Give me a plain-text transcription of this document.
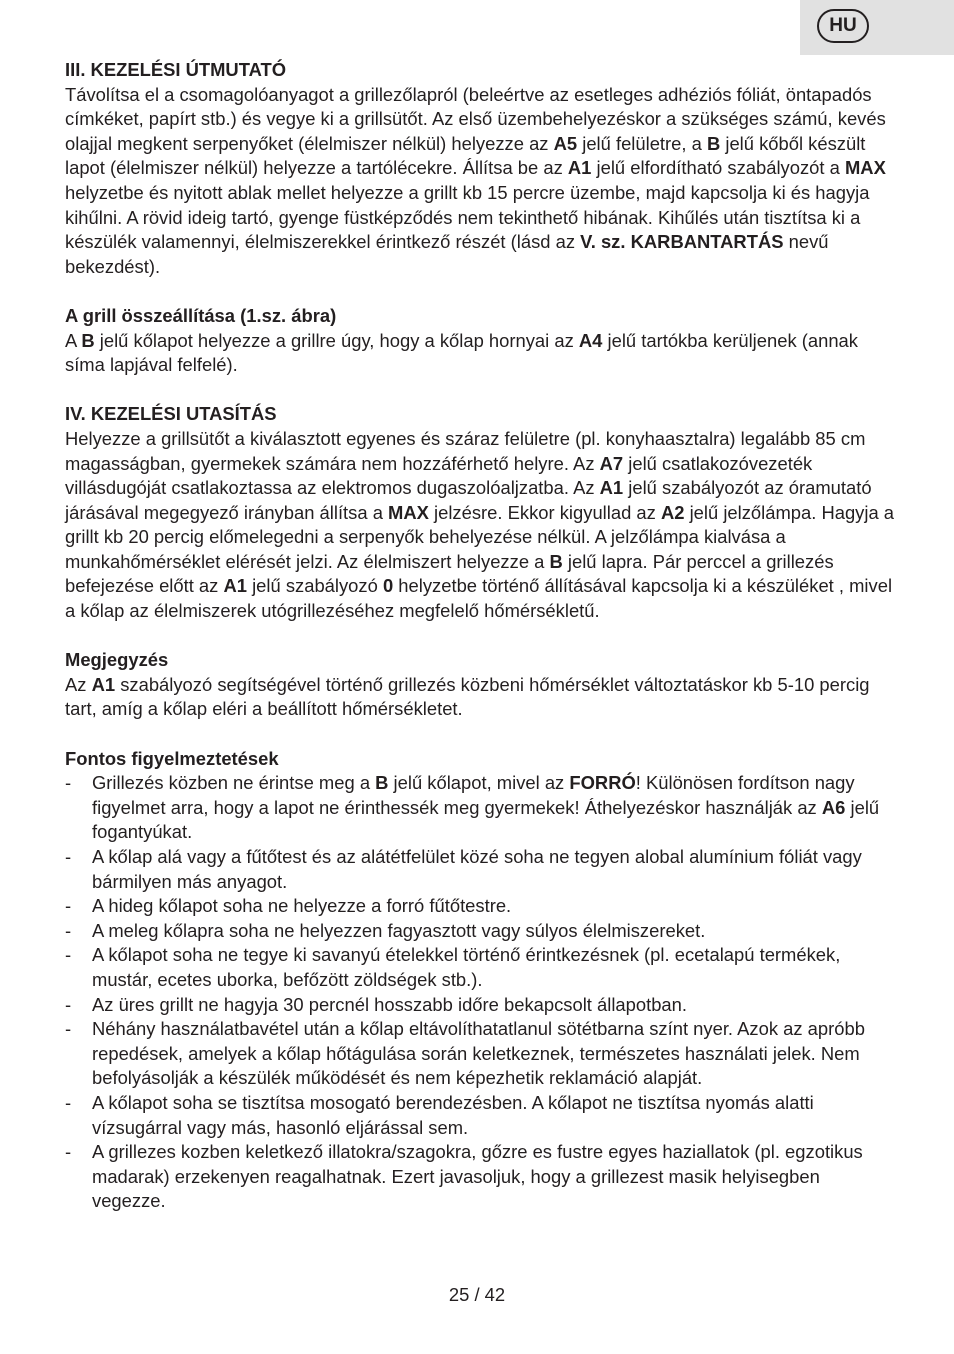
HU

III. KEZELÉSI ÚTMUTATÓ

Távolítsa el a csomagolóanyagot a grillezőlapról (beleértve az esetleges adhéziós fóliát, öntapadós címkéket, papírt stb.) és vegye ki a grillsütőt. Az első üzembehelyezéskor a szükséges számú, kevés olajjal megkent serpenyőket (élelmiszer nélkül) helyezze az A5 jelű felületre, a B jelű kőből készült lapot (élelmiszer nélkül) helyezze a tartólécekre. Állítsa be az A1 jelű elfordítható szabályozót a MAX helyzetbe és nyitott ablak mellet helyezze a grillt kb 15 percre üzembe, majd kapcsolja ki és hagyja kihűlni. A rövid ideig tartó, gyenge füstképződés nem tekinthető hibának. Kihűlés után tisztítsa ki a készülék valamennyi, élelmiszerekkel érintkező részét (lásd az V. sz. KARBANTARTÁS nevű bekezdést).

A grill összeállítása (1.sz. ábra)

A B jelű kőlapot helyezze a grillre úgy, hogy a kőlap hornyai az A4 jelű tartókba kerüljenek (annak síma lapjával felfelé).

IV. KEZELÉSI UTASÍTÁS

Helyezze a grillsütőt a kiválasztott egyenes és száraz felületre (pl. konyhaasztalra) legalább 85 cm magasságban, gyermekek számára nem hozzáférhető helyre. Az A7 jelű csatlakozóvezeték villásdugóját csatlakoztassa az elektromos dugaszolóaljzatba. Az A1 jelű szabályozót az óramutató járásával megegyező irányban állítsa a MAX jelzésre. Ekkor kigyullad az A2 jelű jelzőlámpa. Hagyja a grillt kb 20 percig előmelegedni a serpenyők behelyezése nélkül. A jelzőlámpa kialvása a munkahőmérséklet elérését jelzi. Az élelmiszert helyezze a B jelű lapra. Pár perccel a grillezés befejezése előtt az A1 jelű szabályozó 0 helyzetbe történő állításával kapcsolja ki a készüléket , mivel a kőlap az élelmiszerek utógrillezéséhez megfelelő hőmérsékletű.

Megjegyzés

Az A1 szabályozó segítségével történő grillezés közbeni hőmérséklet változtatáskor kb 5-10 percig tart, amíg a kőlap eléri a beállított hőmérsékletet.

Fontos figyelmeztetések

- Grillezés közben ne érintse meg a B jelű kőlapot, mivel az FORRÓ! Különösen fordítson nagy figyelmet arra, hogy a lapot ne érinthessék meg gyermekek! Áthelyezéskor használják az A6 jelű fogantyúkat.
- A kőlap alá vagy a fűtőtest és az alátétfelület közé soha ne tegyen alobal alumínium fóliát vagy bármilyen más anyagot.
- A hideg kőlapot soha ne helyezze a forró fűtőtestre.
- A meleg kőlapra soha ne helyezzen fagyasztott vagy súlyos élelmiszereket.
- A kőlapot soha ne tegye ki savanyú ételekkel történő érintkezésnek (pl. ecetalapú termékek, mustár, ecetes uborka, befőzött zöldségek stb.).
- Az üres grillt ne hagyja 30 percnél hosszabb időre bekapcsolt állapotban.
- Néhány használatbavétel után a kőlap eltávolíthatatlanul sötétbarna színt nyer. Azok az apróbb repedések, amelyek a kőlap hőtágulása során keletkeznek, természetes használati jelek. Nem befolyásolják a készülék működését és nem képezhetik reklamáció alapját.
- A kőlapot soha se tisztítsa mosogató berendezésben. A kőlapot ne tisztítsa nyomás alatti vízsugárral vagy más, hasonló eljárással sem.
- A grillezes kozben keletkező illatokra/szagokra, gőzre es fustre egyes haziallatok (pl. egzotikus madarak) erzekenyen reagalhatnak. Ezert javasoljuk, hogy a grillezest masik helyisegben vegezze.
25 / 42
